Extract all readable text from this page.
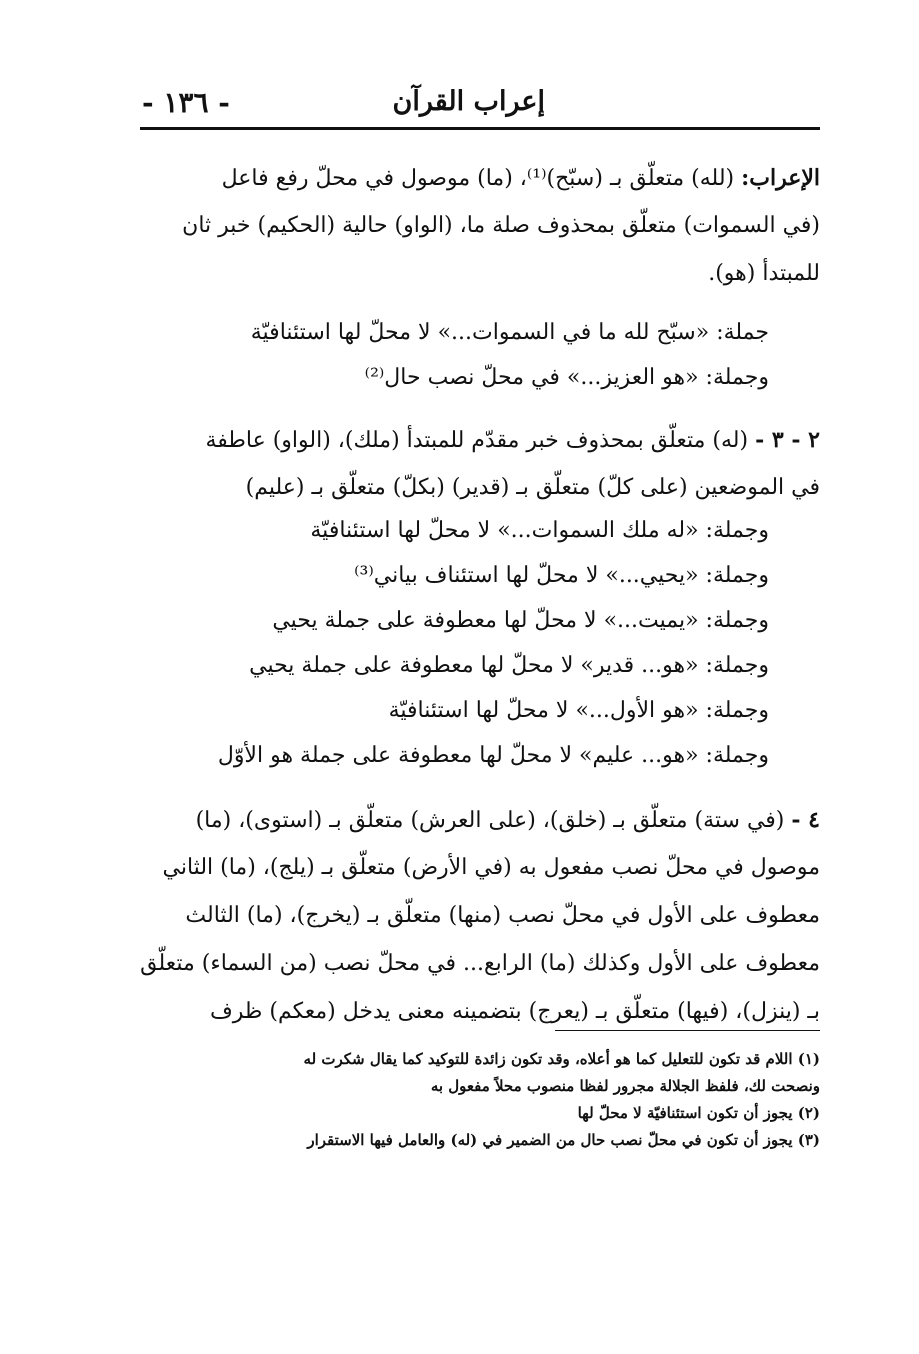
إعراب القرآن
- ١٣٦ -
الإعراب: (لله) متعلّق بـ (سبّح)⁽¹⁾، (ما) موصول في محلّ رفع فاعل
(في السموات) متعلّق بمحذوف صلة ما، (الواو) حالية (الحكيم) خبر ثان
للمبتدأ (هو).
جملة: «سبّح لله ما في السموات...» لا محلّ لها استئنافيّة
وجملة: «هو العزيز...» في محلّ نصب حال⁽²⁾
٢ - ٣ - (له) متعلّق بمحذوف خبر مقدّم للمبتدأ (ملك)، (الواو) عاطفة
في الموضعين (على كلّ) متعلّق بـ (قدير) (بكلّ) متعلّق بـ (عليم)
وجملة: «له ملك السموات...» لا محلّ لها استئنافيّة
وجملة: «يحيي...» لا محلّ لها استئناف بياني⁽³⁾
وجملة: «يميت...» لا محلّ لها معطوفة على جملة يحيي
وجملة: «هو... قدير» لا محلّ لها معطوفة على جملة يحيي
وجملة: «هو الأول...» لا محلّ لها استئنافيّة
وجملة: «هو... عليم» لا محلّ لها معطوفة على جملة هو الأوّل
٤ - (في ستة) متعلّق بـ (خلق)، (على العرش) متعلّق بـ (استوى)، (ما)
موصول في محلّ نصب مفعول به (في الأرض) متعلّق بـ (يلج)، (ما) الثاني
معطوف على الأول في محلّ نصب (منها) متعلّق بـ (يخرج)، (ما) الثالث
معطوف على الأول وكذلك (ما) الرابع... في محلّ نصب (من السماء) متعلّق
بـ (ينزل)، (فيها) متعلّق بـ (يعرج) بتضمينه معنى يدخل (معكم) ظرف
(١) اللام قد تكون للتعليل كما هو أعلاه، وقد تكون زائدة للتوكيد كما يقال شكرت له
ونصحت لك، فلفظ الجلالة مجرور لفظا منصوب محلاً مفعول به
(٢) يجوز أن تكون استئنافيّة لا محلّ لها
(٣) يجوز أن تكون في محلّ نصب حال من الضمير في (له) والعامل فيها الاستقرار
